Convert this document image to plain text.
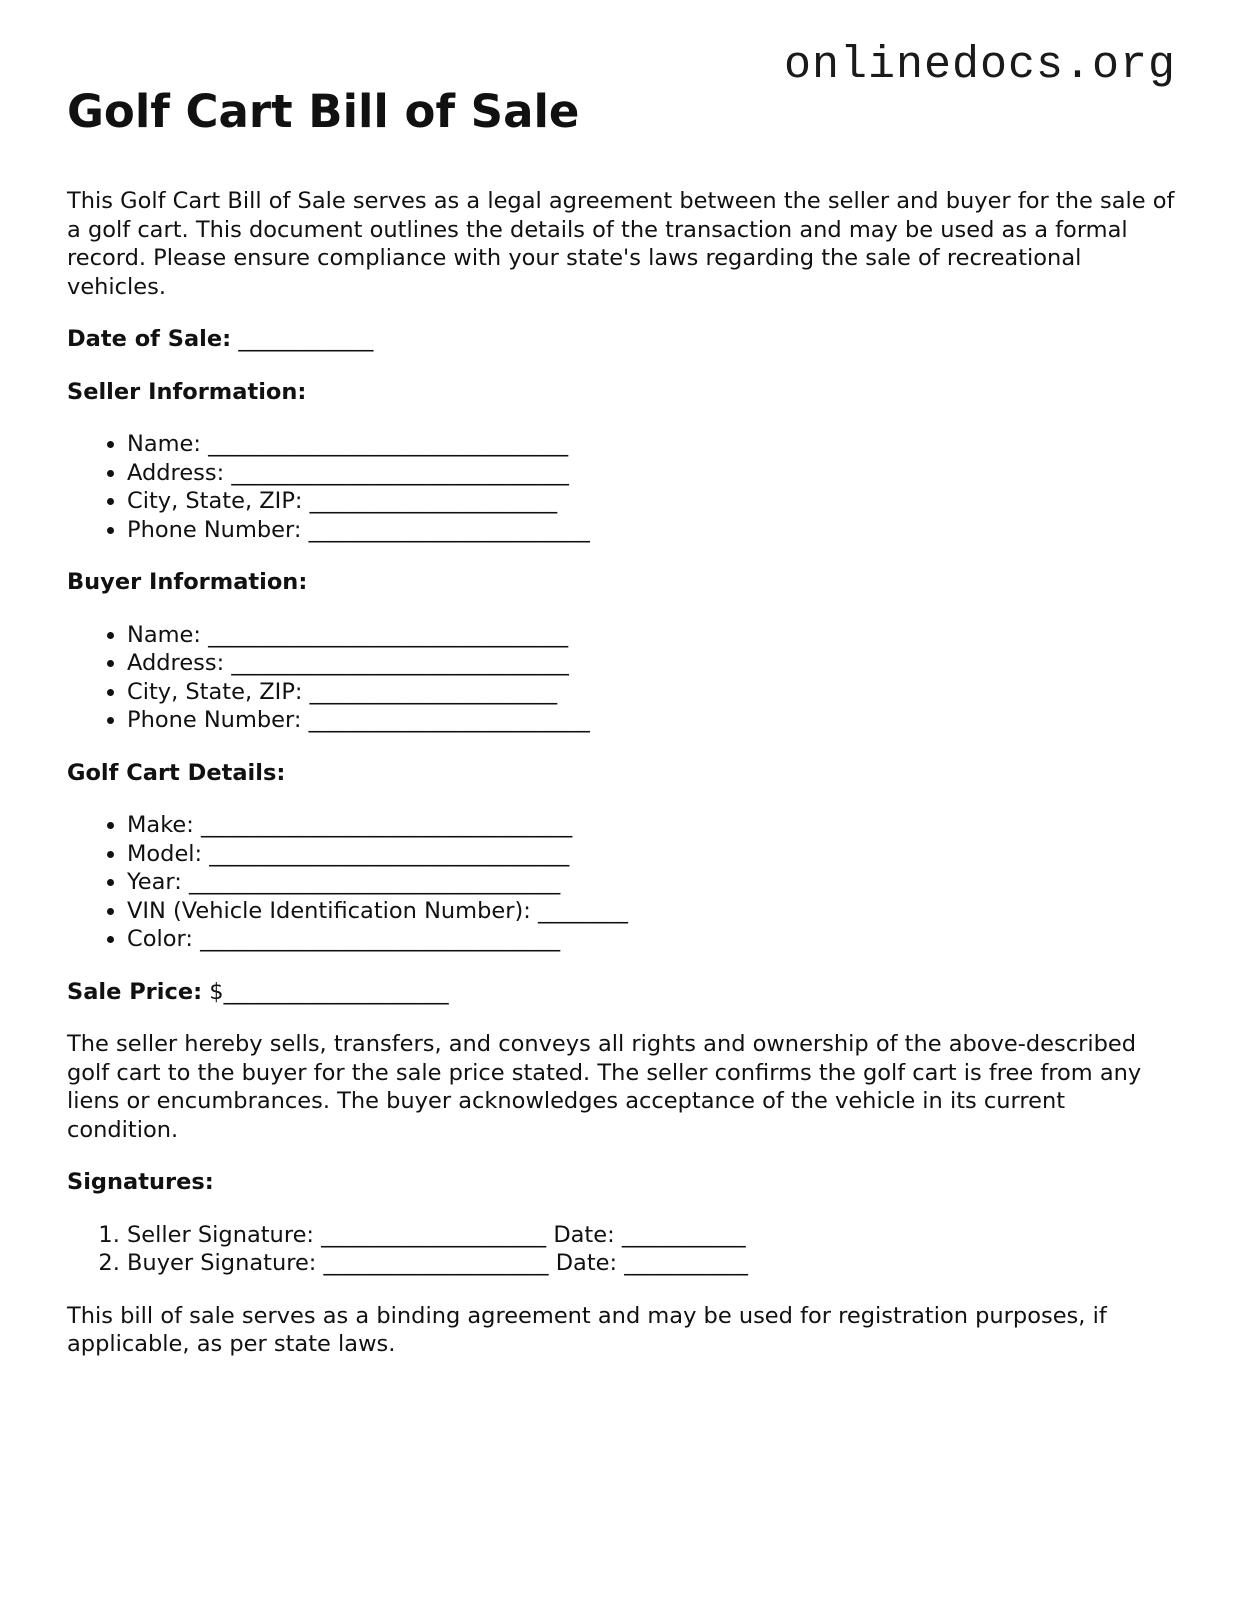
onlinedocs.org
Golf Cart Bill of Sale

This Golf Cart Bill of Sale serves as a legal agreement between the seller and buyer for the sale of a golf cart. This document outlines the details of the transaction and may be used as a formal record. Please ensure compliance with your state's laws regarding the sale of recreational vehicles.

Date of Sale: ____________

Seller Information:

• Name: ________________________________
• Address: ______________________________
• City, State, ZIP: ______________________
• Phone Number: _________________________

Buyer Information:

• Name: ________________________________
• Address: ______________________________
• City, State, ZIP: ______________________
• Phone Number: _________________________

Golf Cart Details:

• Make: _________________________________
• Model: ________________________________
• Year: _________________________________
• VIN (Vehicle Identification Number): ________
• Color: ________________________________

Sale Price: $____________________

The seller hereby sells, transfers, and conveys all rights and ownership of the above-described golf cart to the buyer for the sale price stated. The seller confirms the golf cart is free from any liens or encumbrances. The buyer acknowledges acceptance of the vehicle in its current condition.

Signatures:

1. Seller Signature: ____________________ Date: ___________
2. Buyer Signature: ____________________ Date: ___________

This bill of sale serves as a binding agreement and may be used for registration purposes, if applicable, as per state laws.
